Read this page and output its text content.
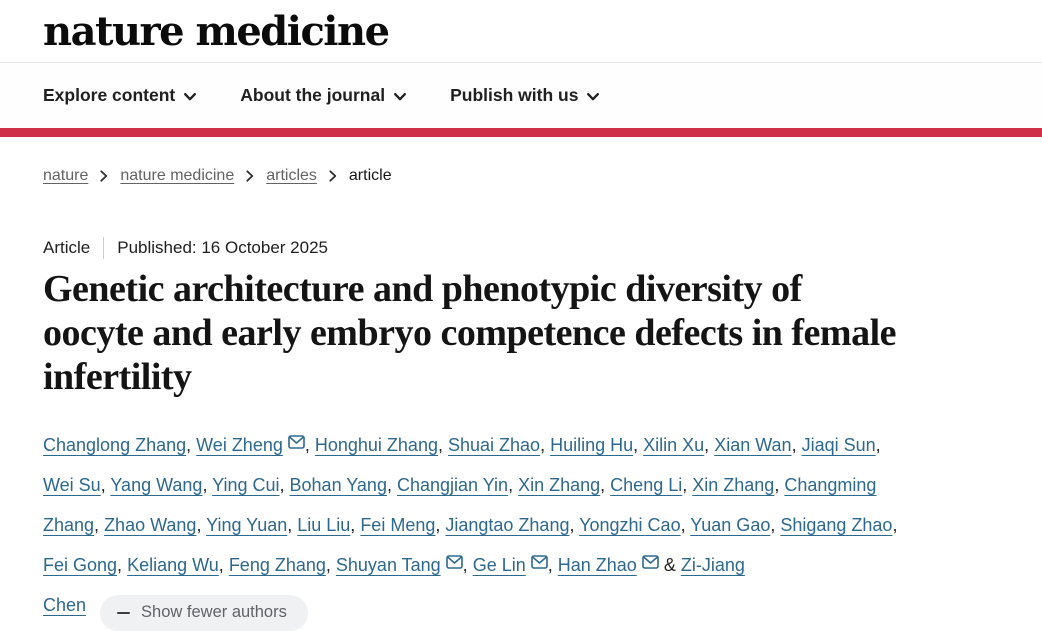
nature medicine
Explore content	About the journal	Publish with us
nature nature medicine articles article
Article Published: 16 October 2025
Genetic architecture and phenotypic diversity of
oocyte and early embryo competence defects in female
infertility
Changlong Zhang, Wei Zheng , Honghui Zhang, Shuai Zhao, Huiling Hu, Xilin Xu, Xian Wan, Jiaqi Sun,
Wei Su, Yang Wang, Ying Cui, Bohan Yang, Changjian Yin, Xin Zhang, Cheng Li, Xin Zhang, Changming
Zhang, Zhao Wang, Ying Yuan, Liu Liu, Fei Meng, Jiangtao Zhang, Yongzhi Cao, Yuan Gao, Shigang Zhao,
Fei Gong, Keliang Wu, Feng Zhang, Shuyan Tang , Ge Lin , Han Zhao & Zi-Jiang
Chen	Show fewer authors
